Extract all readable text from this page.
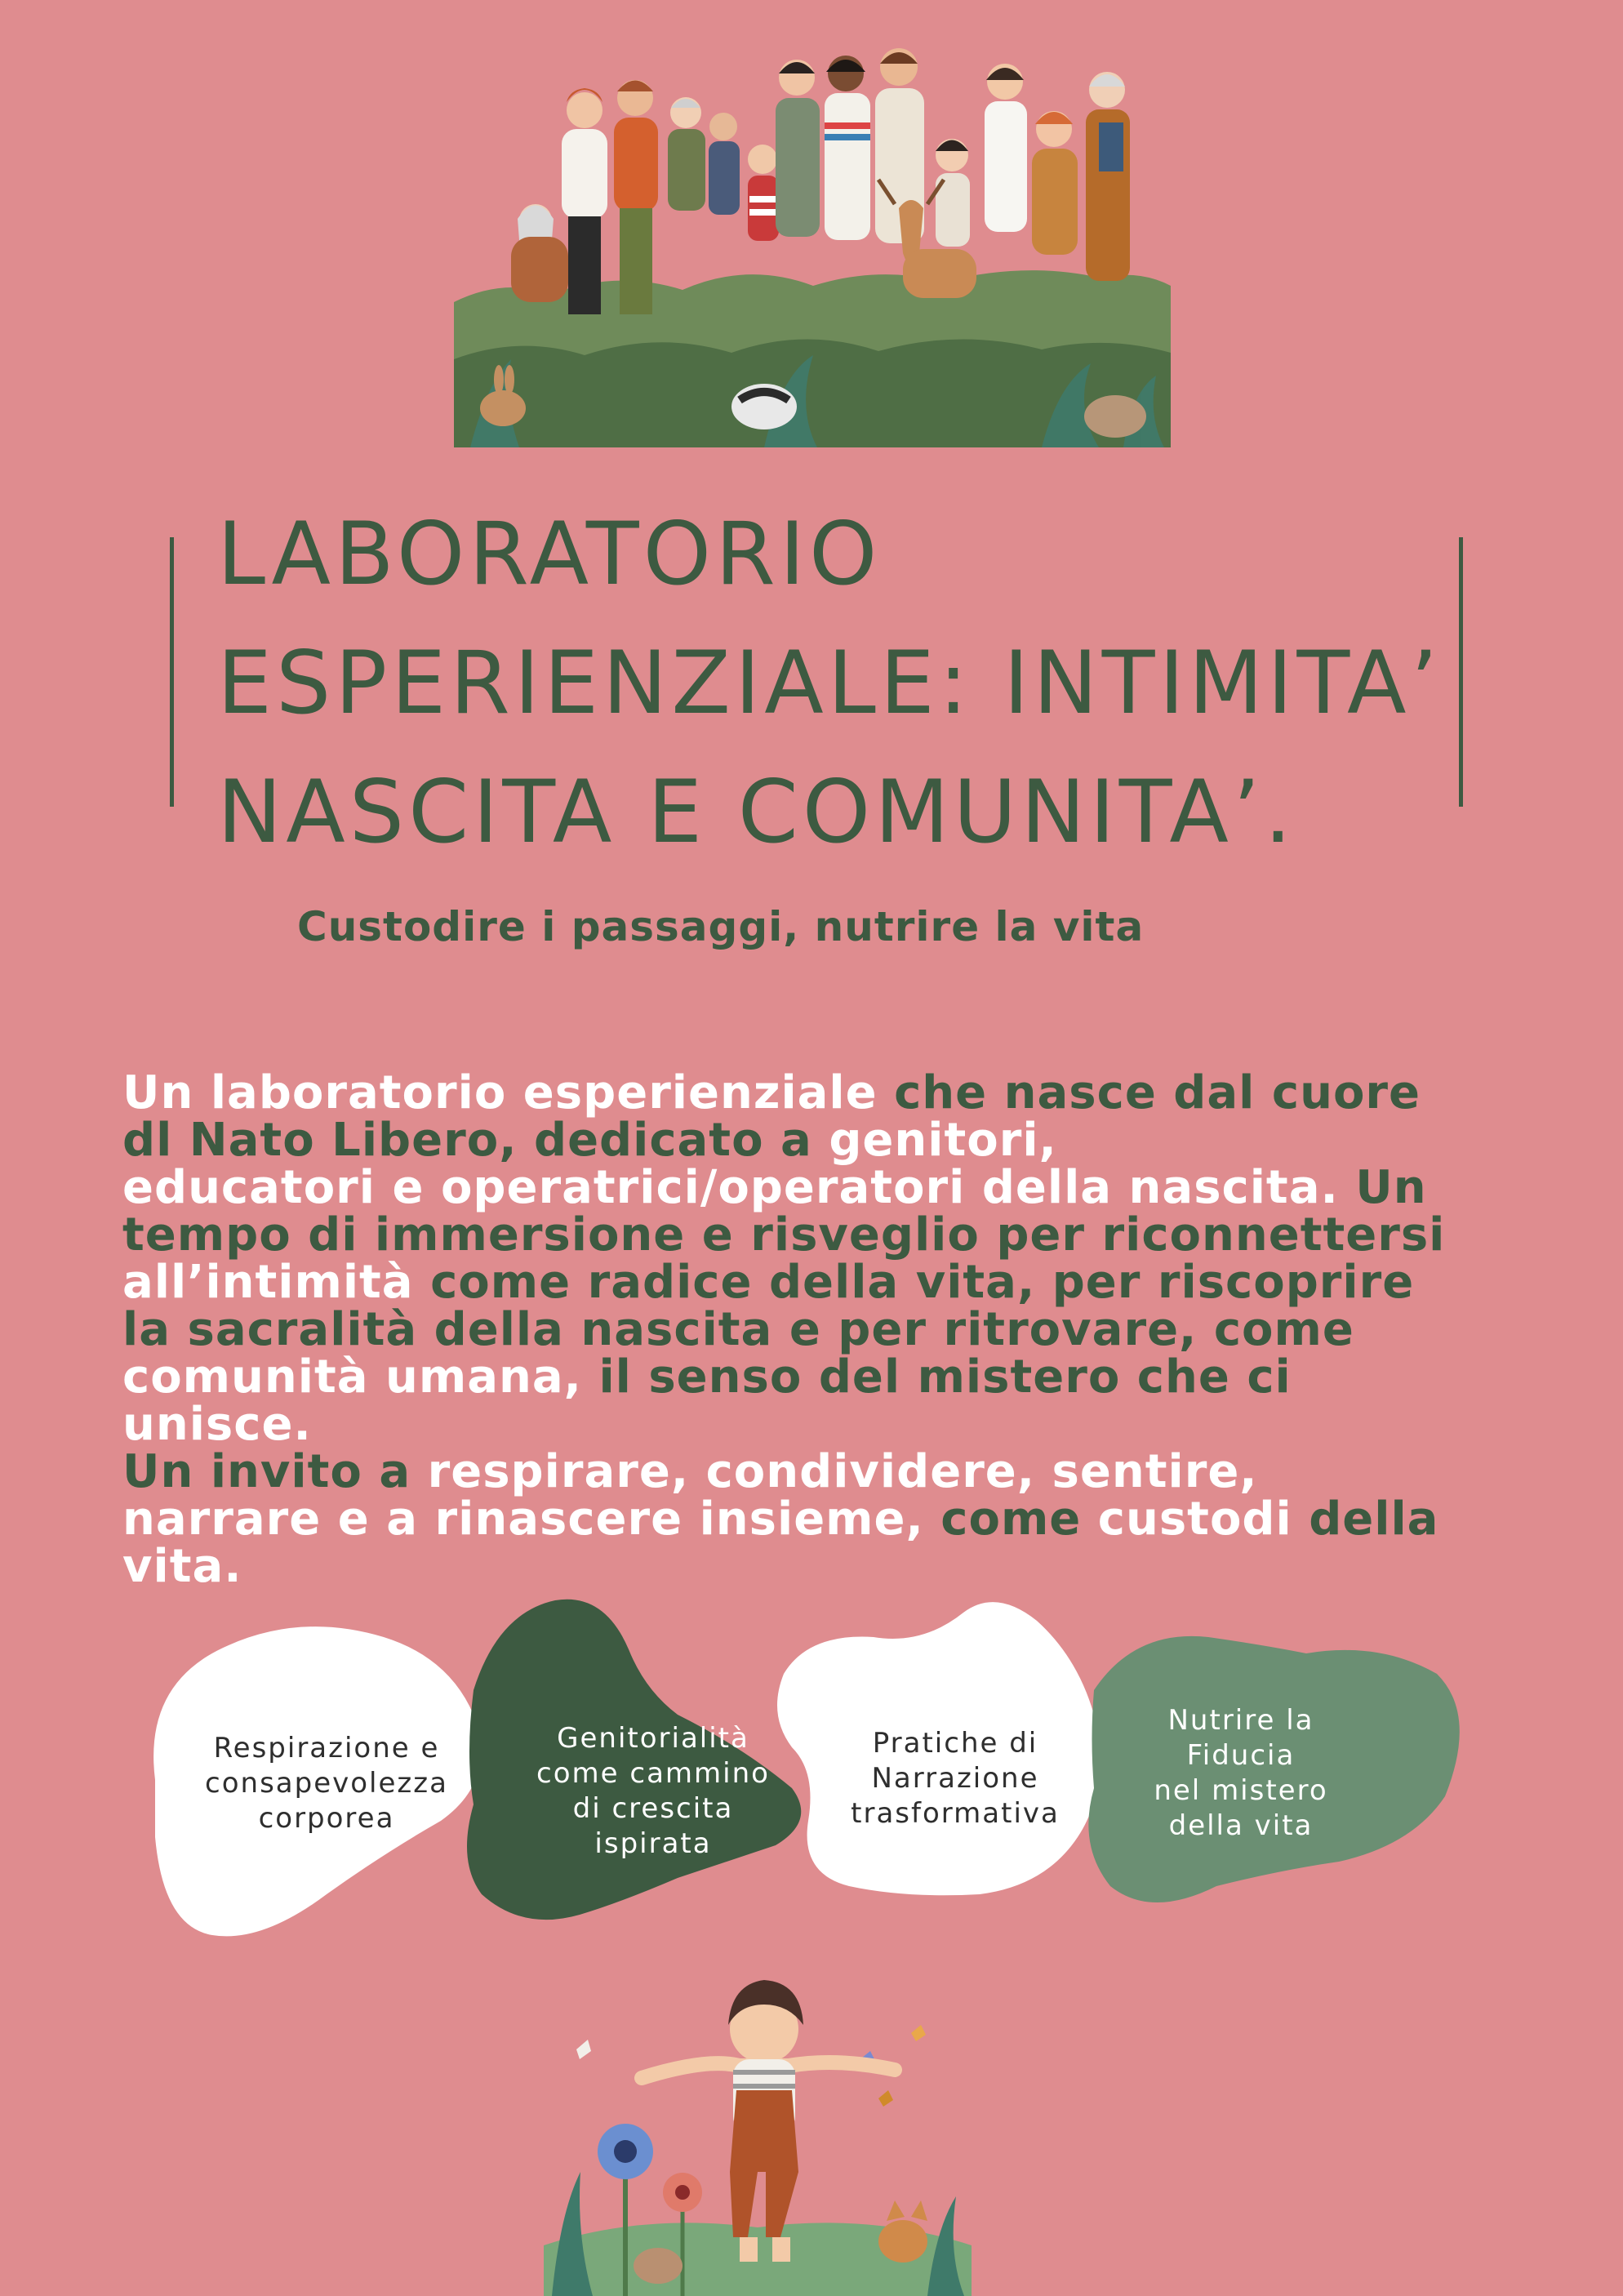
LABORATORIO
ESPERIENZIALE: INTIMITA’
NASCITA E COMUNITA’.
Custodire i passaggi, nutrire la vita

Un laboratorio esperienziale che nasce dal cuore
dl Nato Libero, dedicato a genitori,
educatori e operatrici/operatori della nascita. Un
tempo di immersione e risveglio per riconnettersi
all’intimità come radice della vita, per riscoprire
la sacralità della nascita e per ritrovare, come
comunità umana, il senso del mistero che ci
unisce.
Un invito a respirare, condividere, sentire,
narrare e a rinascere insieme, come custodi della
vita.

Respirazione e
consapevolezza
corporea
Genitorialità
come cammino
di crescita
ispirata
Pratiche di
Narrazione
trasformativa
Nutrire la
Fiducia
nel mistero
della vita
